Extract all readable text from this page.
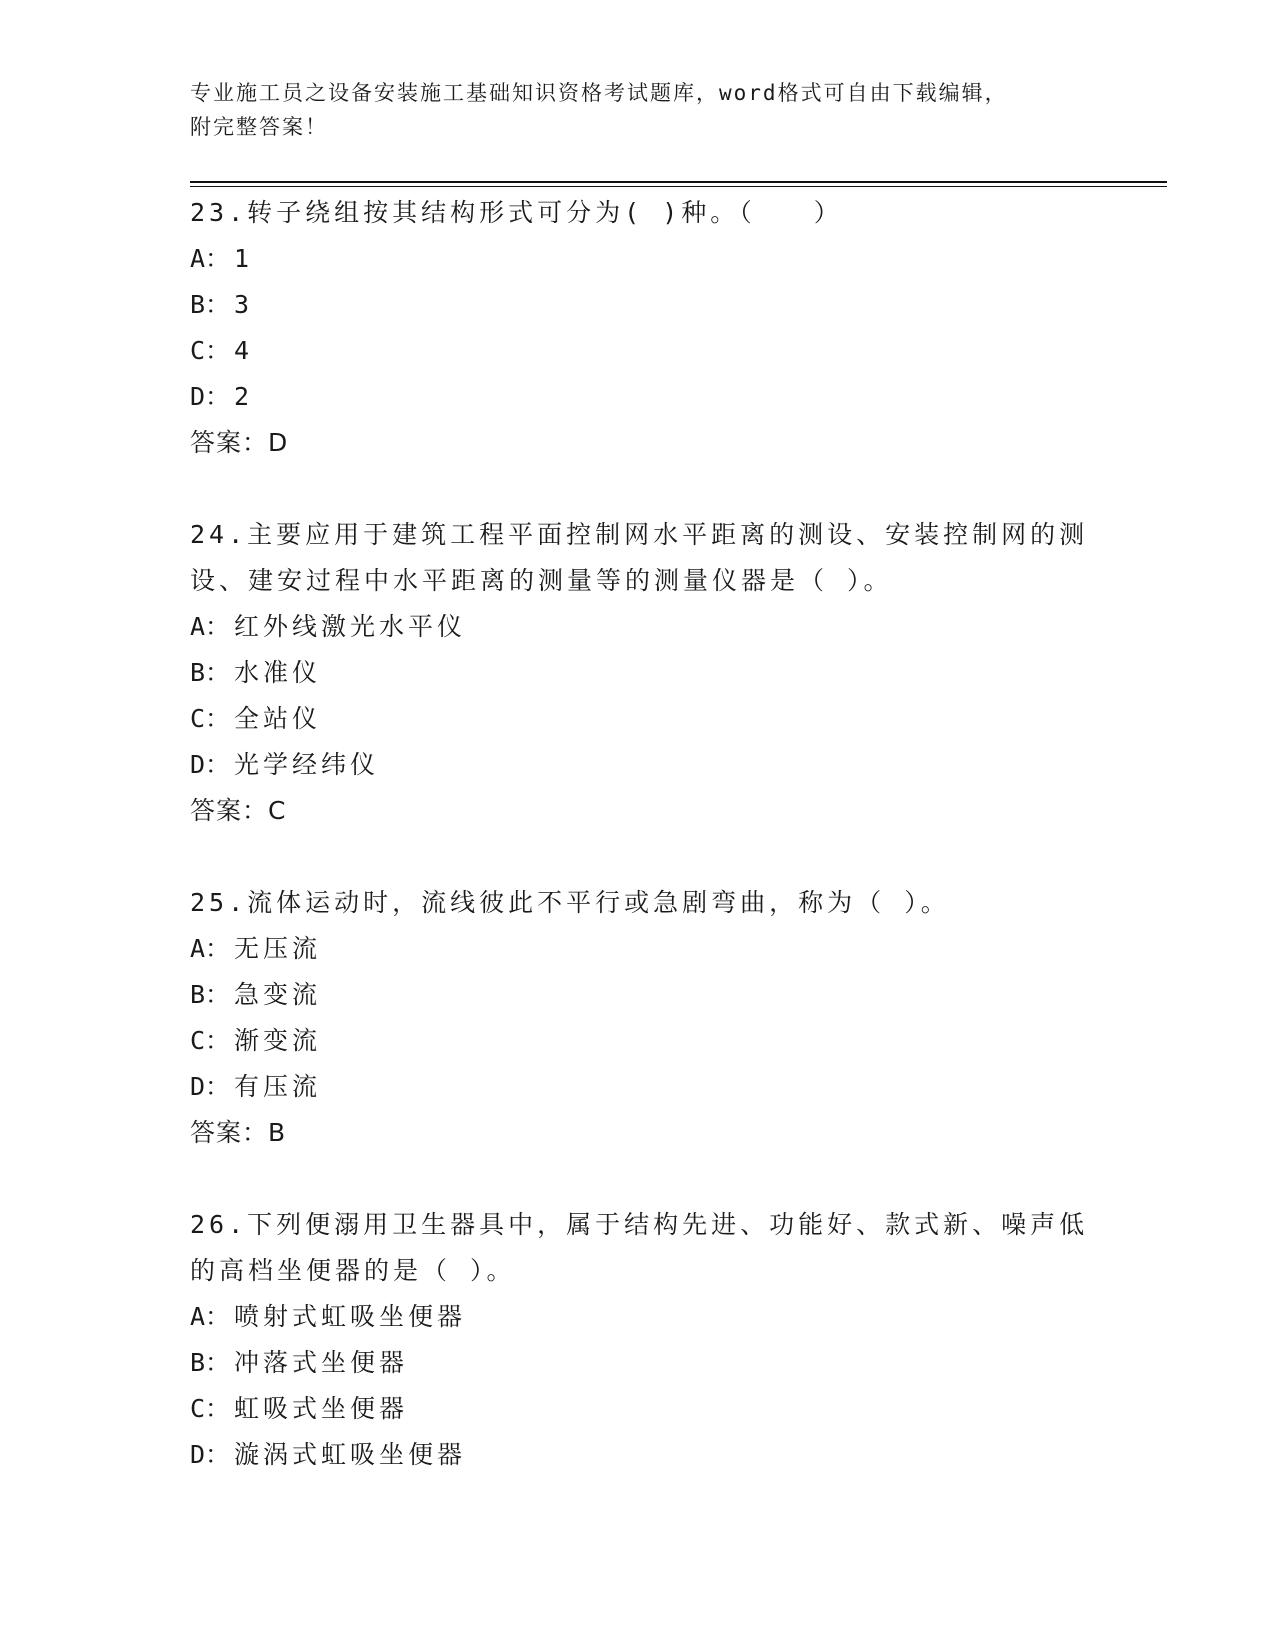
专业施工员之设备安装施工基础知识资格考试题库，word格式可自由下载编辑，
附完整答案！
23.转子绕组按其结构形式可分为( )种。（　　）
A： 1
B： 3
C： 4
D： 2
答案：D
24.主要应用于建筑工程平面控制网水平距离的测设、安装控制网的测设、建安过程中水平距离的测量等的测量仪器是（ ）。
A： 红外线激光水平仪
B： 水准仪
C： 全站仪
D： 光学经纬仪
答案：C
25.流体运动时，流线彼此不平行或急剧弯曲，称为（ ）。
A： 无压流
B： 急变流
C： 渐变流
D： 有压流
答案：B
26.下列便溺用卫生器具中，属于结构先进、功能好、款式新、噪声低的高档坐便器的是（ ）。
A： 喷射式虹吸坐便器
B： 冲落式坐便器
C： 虹吸式坐便器
D： 漩涡式虹吸坐便器
